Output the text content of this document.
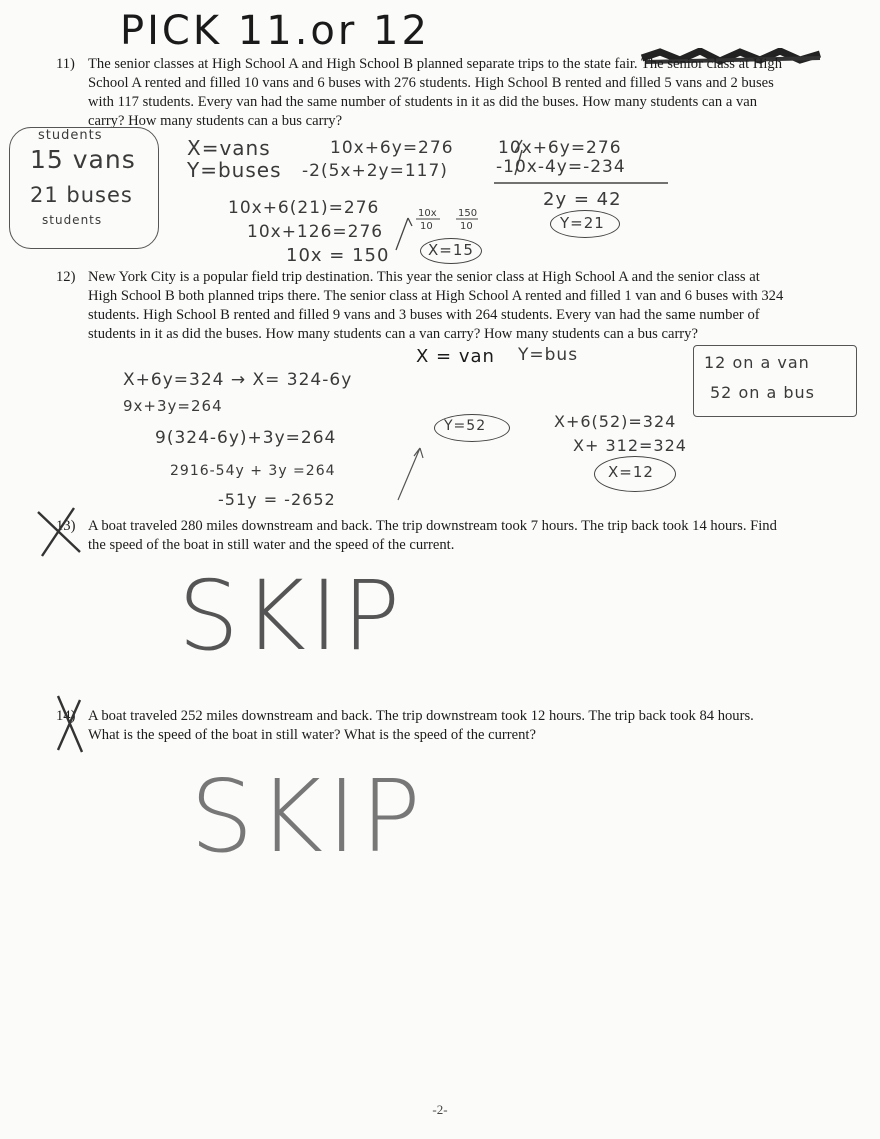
PICK 11.or 12
11) The senior classes at High School A and High School B planned separate trips to the state fair. The senior class at High School A rented and filled 10 vans and 6 buses with 276 students. High School B rented and filled 5 vans and 2 buses with 117 students. Every van had the same number of students in it as did the buses. How many students can a van carry? How many students can a bus carry?
students
15 vans
21 buses
students
X=vans
Y=buses
10x+6y=276
-2(5x+2y=117)
10x+6y=276
-10x-4y=-234
2y = 42
Y=21
10x+6(21)=276
10x+126=276
10x = 150
10x
10
150
10
X=15
12) New York City is a popular field trip destination. This year the senior class at High School A and the senior class at High School B both planned trips there. The senior class at High School A rented and filled 1 van and 6 buses with 324 students. High School B rented and filled 9 vans and 3 buses with 264 students. Every van had the same number of students in it as did the buses. How many students can a van carry? How many students can a bus carry?
X = van Y=bus	12 on a van
52 on a bus
X+6y=324 → X= 324-6y
9x+3y=264
9(324-6y)+3y=264
2916-54y + 3y =264
-51y = -2652
Y=52	X+6(52)=324
X+ 312=324
X=12
13) A boat traveled 280 miles downstream and back. The trip downstream took 7 hours. The trip back took 14 hours. Find the speed of the boat in still water and the speed of the current.
SKIP
14) A boat traveled 252 miles downstream and back. The trip downstream took 12 hours. The trip back took 84 hours. What is the speed of the boat in still water? What is the speed of the current?
SKIP
-2-
